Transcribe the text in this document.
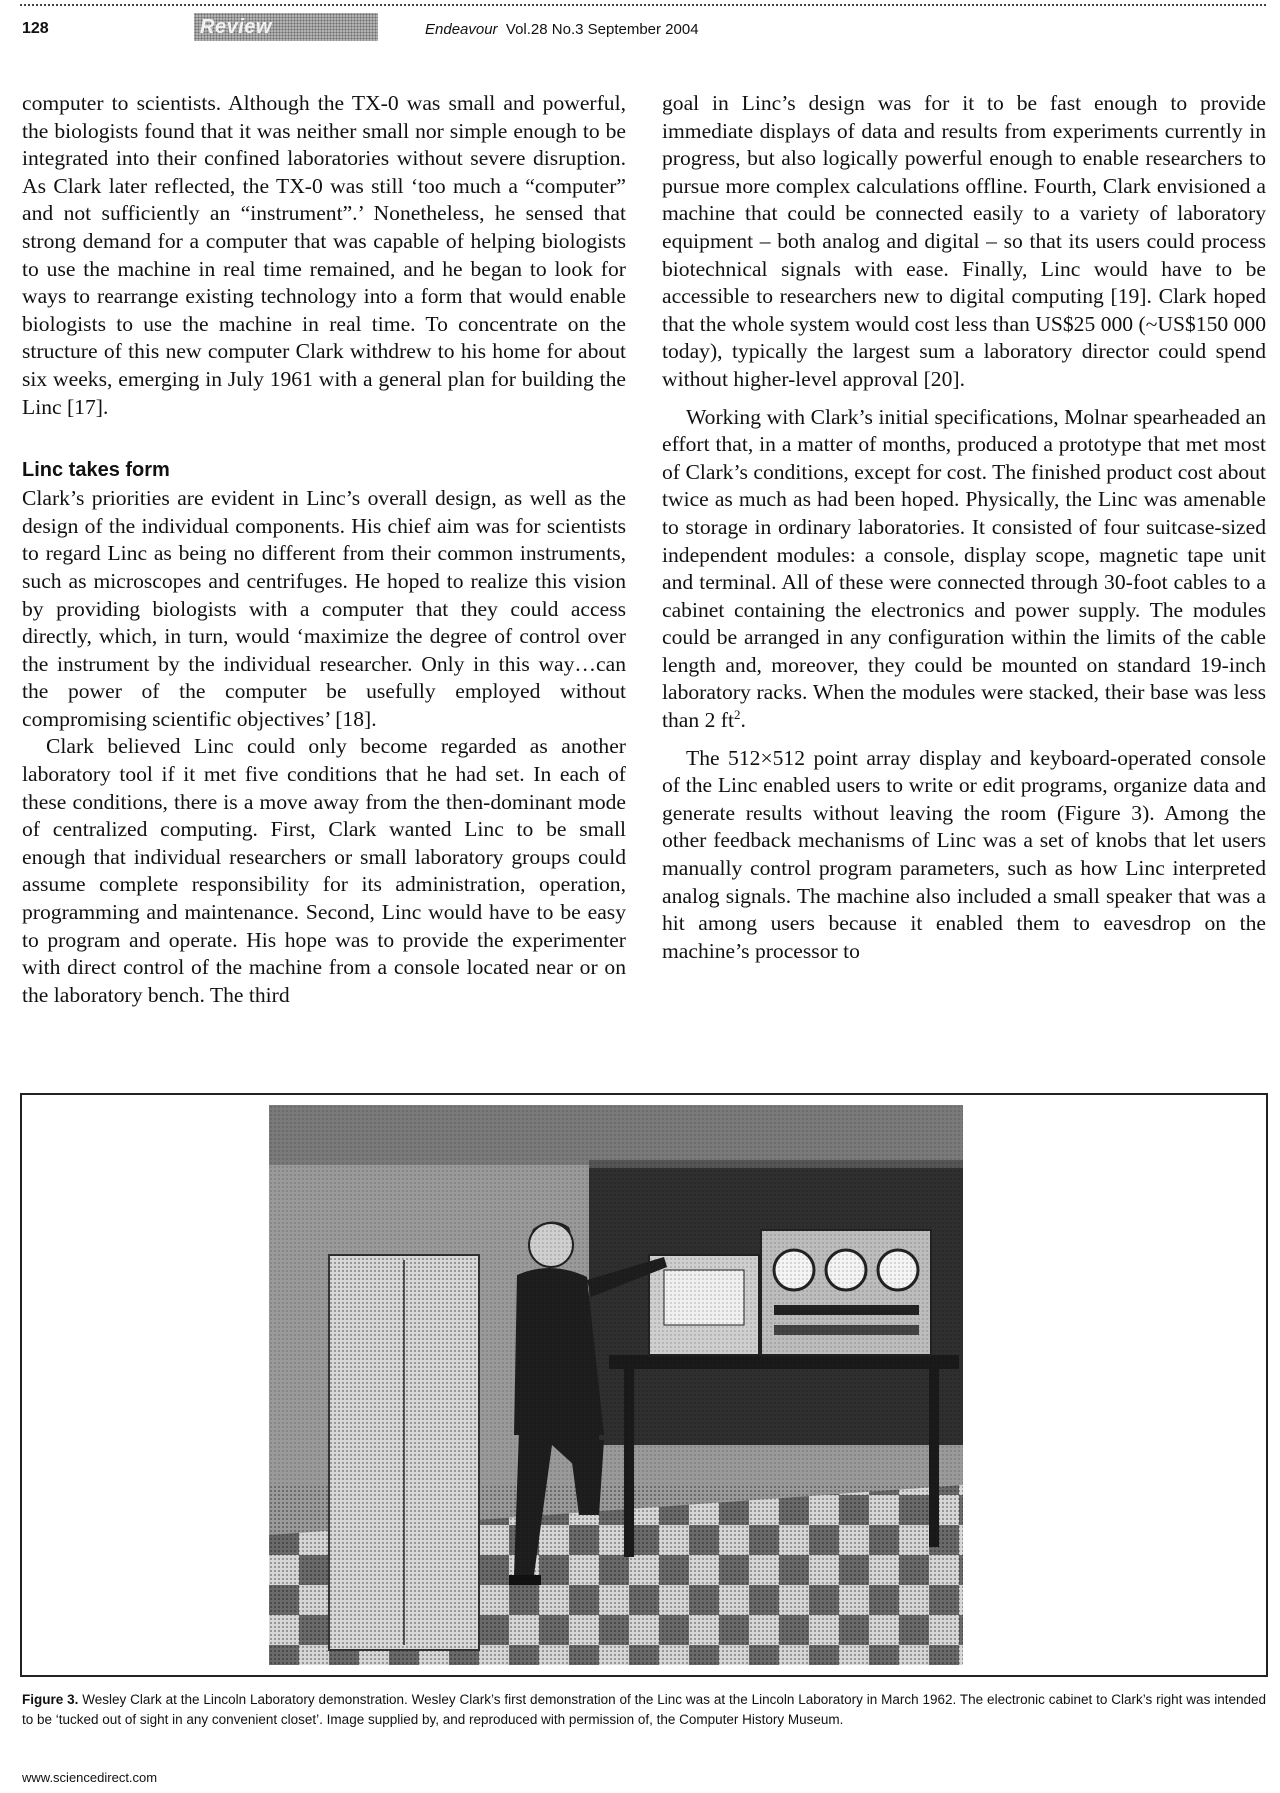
128	Review	Endeavour Vol.28 No.3 September 2004

computer to scientists. Although the TX-0 was small and powerful, the biologists found that it was neither small nor simple enough to be integrated into their confined laboratories without severe disruption. As Clark later reflected, the TX-0 was still ‘too much a “computer” and not sufficiently an “instrument”.’ Nonetheless, he sensed that strong demand for a computer that was capable of helping biologists to use the machine in real time remained, and he began to look for ways to rearrange existing technology into a form that would enable biologists to use the machine in real time. To concentrate on the structure of this new computer Clark withdrew to his home for about six weeks, emerging in July 1961 with a general plan for building the Linc [17].

Linc takes form

Clark’s priorities are evident in Linc’s overall design, as well as the design of the individual components. His chief aim was for scientists to regard Linc as being no different from their common instruments, such as microscopes and centrifuges. He hoped to realize this vision by providing biologists with a computer that they could access directly, which, in turn, would ‘maximize the degree of control over the instrument by the individual researcher. Only in this way…can the power of the computer be usefully employed without compromising scientific objectives’ [18].

Clark believed Linc could only become regarded as another laboratory tool if it met five conditions that he had set. In each of these conditions, there is a move away from the then-dominant mode of centralized computing. First, Clark wanted Linc to be small enough that individual researchers or small laboratory groups could assume complete responsibility for its administration, operation, programming and maintenance. Second, Linc would have to be easy to program and operate. His hope was to provide the experimenter with direct control of the machine from a console located near or on the laboratory bench. The third

goal in Linc’s design was for it to be fast enough to provide immediate displays of data and results from experiments currently in progress, but also logically powerful enough to enable researchers to pursue more complex calculations offline. Fourth, Clark envisioned a machine that could be connected easily to a variety of laboratory equipment – both analog and digital – so that its users could process biotechnical signals with ease. Finally, Linc would have to be accessible to researchers new to digital computing [19]. Clark hoped that the whole system would cost less than US$25 000 (~US$150 000 today), typically the largest sum a laboratory director could spend without higher-level approval [20].

Working with Clark’s initial specifications, Molnar spearheaded an effort that, in a matter of months, produced a prototype that met most of Clark’s conditions, except for cost. The finished product cost about twice as much as had been hoped. Physically, the Linc was amenable to storage in ordinary laboratories. It consisted of four suitcase-sized independent modules: a console, display scope, magnetic tape unit and terminal. All of these were connected through 30-foot cables to a cabinet containing the electronics and power supply. The modules could be arranged in any configuration within the limits of the cable length and, moreover, they could be mounted on standard 19-inch laboratory racks. When the modules were stacked, their base was less than 2 $ft^2$.

The 512×512 point array display and keyboard-operated console of the Linc enabled users to write or edit programs, organize data and generate results without leaving the room (Figure 3). Among the other feedback mechanisms of Linc was a set of knobs that let users manually control program parameters, such as how Linc interpreted analog signals. The machine also included a small speaker that was a hit among users because it enabled them to eavesdrop on the machine’s processor to

Figure 3. Wesley Clark at the Lincoln Laboratory demonstration. Wesley Clark’s first demonstration of the Linc was at the Lincoln Laboratory in March 1962. The electronic cabinet to Clark’s right was intended to be ‘tucked out of sight in any convenient closet’. Image supplied by, and reproduced with permission of, the Computer History Museum.
www.sciencedirect.com
